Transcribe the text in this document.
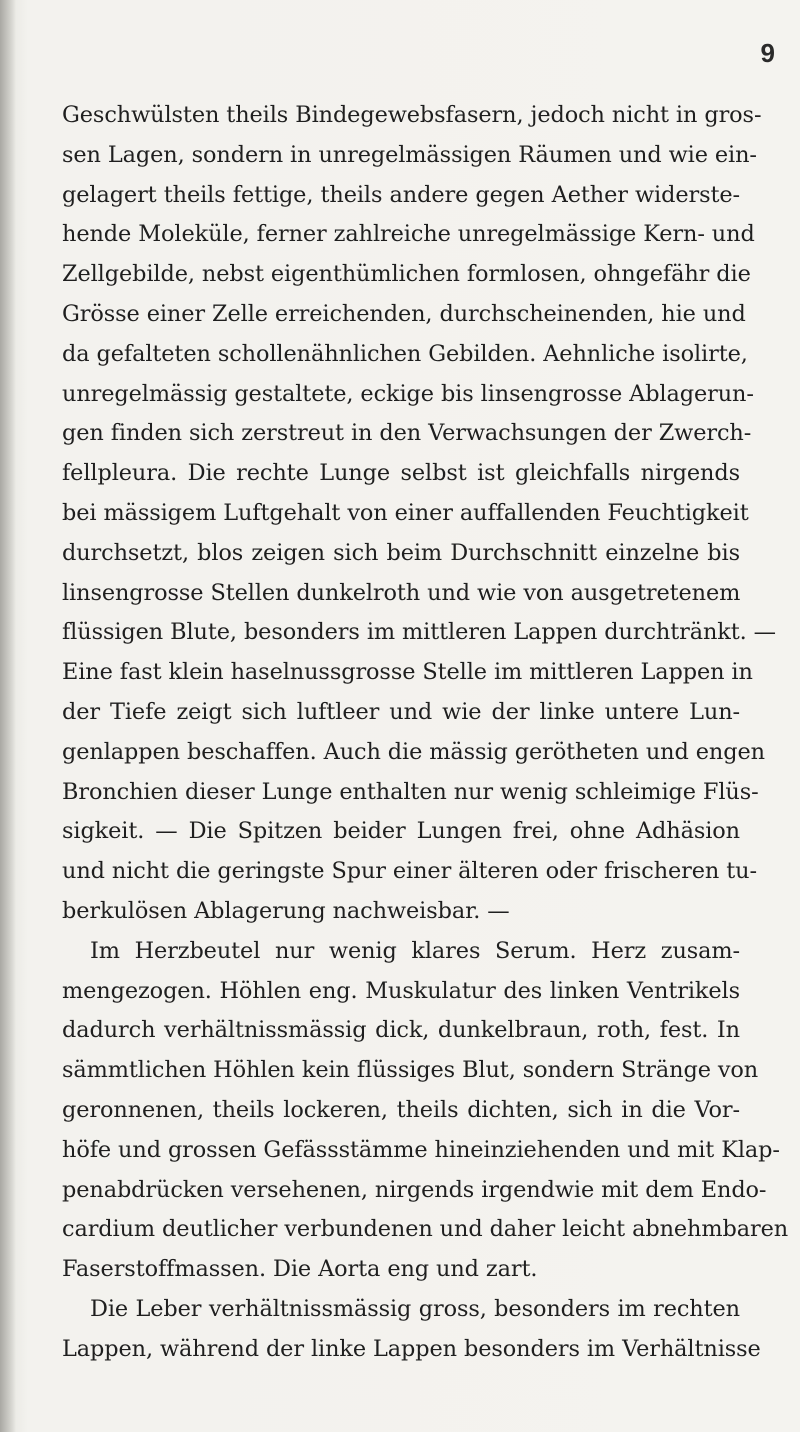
9
Geschwülsten theils Bindegewebsfasern, jedoch nicht in gros-
sen Lagen, sondern in unregelmässigen Räumen und wie ein-
gelagert theils fettige, theils andere gegen Aether widerste-
hende Moleküle, ferner zahlreiche unregelmässige Kern- und
Zellgebilde, nebst eigenthümlichen formlosen, ohngefähr die
Grösse einer Zelle erreichenden, durchscheinenden, hie und
da gefalteten schollenähnlichen Gebilden. Aehnliche isolirte,
unregelmässig gestaltete, eckige bis linsengrosse Ablagerun-
gen finden sich zerstreut in den Verwachsungen der Zwerch-
fellpleura. Die rechte Lunge selbst ist gleichfalls nirgends
bei mässigem Luftgehalt von einer auffallenden Feuchtigkeit
durchsetzt, blos zeigen sich beim Durchschnitt einzelne bis
linsengrosse Stellen dunkelroth und wie von ausgetretenem
flüssigen Blute, besonders im mittleren Lappen durchtränkt. —
Eine fast klein haselnussgrosse Stelle im mittleren Lappen in
der Tiefe zeigt sich luftleer und wie der linke untere Lun-
genlappen beschaffen. Auch die mässig gerötheten und engen
Bronchien dieser Lunge enthalten nur wenig schleimige Flüs-
sigkeit. — Die Spitzen beider Lungen frei, ohne Adhäsion
und nicht die geringste Spur einer älteren oder frischeren tu-
berkulösen Ablagerung nachweisbar. —
Im Herzbeutel nur wenig klares Serum. Herz zusam-
mengezogen. Höhlen eng. Muskulatur des linken Ventrikels
dadurch verhältnissmässig dick, dunkelbraun, roth, fest. In
sämmtlichen Höhlen kein flüssiges Blut, sondern Stränge von
geronnenen, theils lockeren, theils dichten, sich in die Vor-
höfe und grossen Gefässstämme hineinziehenden und mit Klap-
penabdrücken versehenen, nirgends irgendwie mit dem Endo-
cardium deutlicher verbundenen und daher leicht abnehmbaren
Faserstoffmassen. Die Aorta eng und zart.
Die Leber verhältnissmässig gross, besonders im rechten
Lappen, während der linke Lappen besonders im Verhältnisse
